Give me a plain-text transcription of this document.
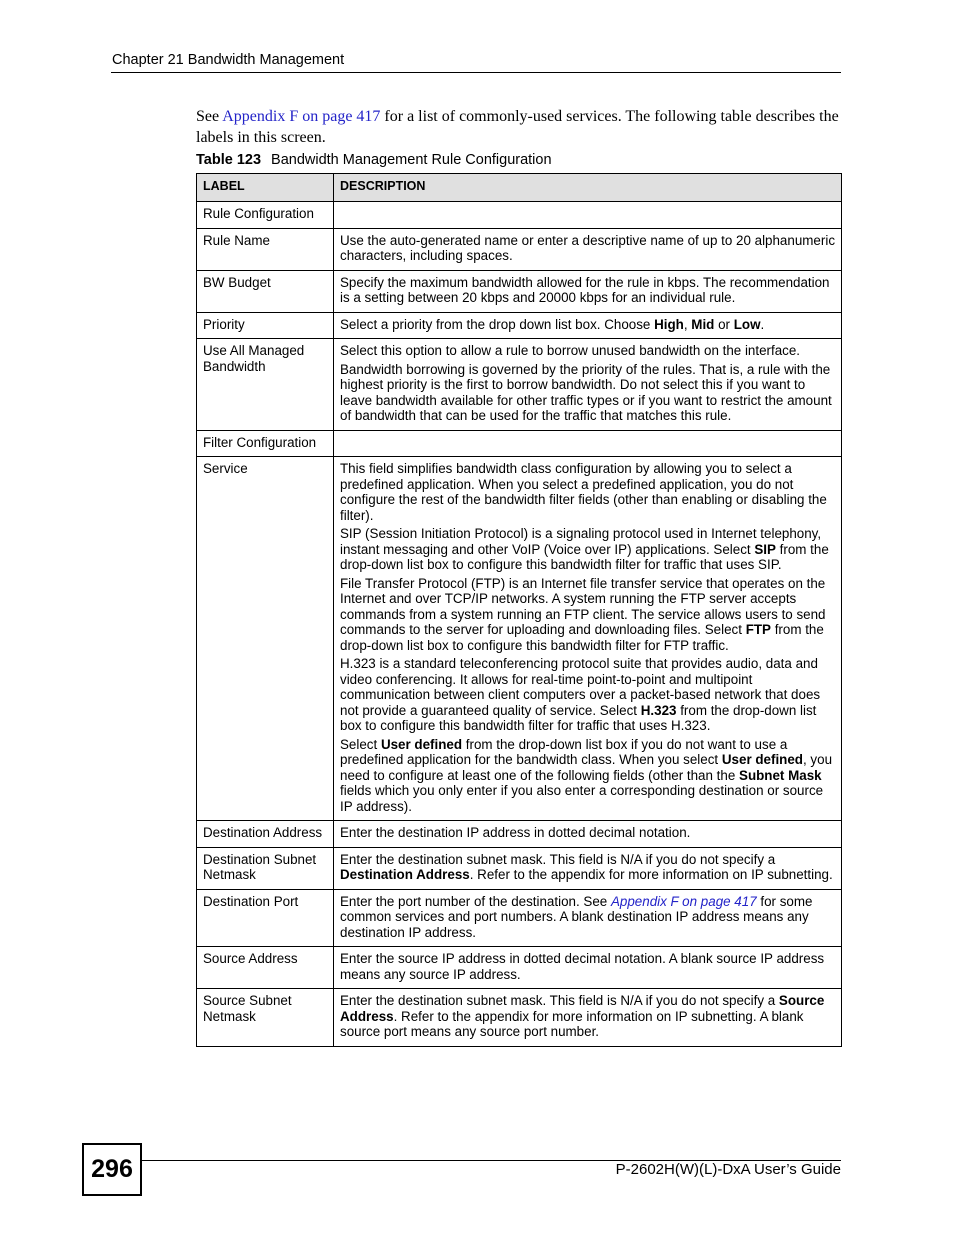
Chapter 21 Bandwidth Management
See Appendix F on page 417 for a list of commonly-used services. The following table describes the labels in this screen.
Table 123 Bandwidth Management Rule Configuration
LABEL	DESCRIPTION
Rule Configuration	
Rule Name	Use the auto-generated name or enter a descriptive name of up to 20 alphanumeric characters, including spaces.
BW Budget	Specify the maximum bandwidth allowed for the rule in kbps. The recommendation is a setting between 20 kbps and 20000 kbps for an individual rule.
Priority	Select a priority from the drop down list box. Choose High, Mid or Low.
Use All Managed Bandwidth	Select this option to allow a rule to borrow unused bandwidth on the interface.

Bandwidth borrowing is governed by the priority of the rules. That is, a rule with the highest priority is the first to borrow bandwidth. Do not select this if you want to leave bandwidth available for other traffic types or if you want to restrict the amount of bandwidth that can be used for the traffic that matches this rule.

Filter Configuration	
Service	This field simplifies bandwidth class configuration by allowing you to select a predefined application. When you select a predefined application, you do not configure the rest of the bandwidth filter fields (other than enabling or disabling the filter).

SIP (Session Initiation Protocol) is a signaling protocol used in Internet telephony, instant messaging and other VoIP (Voice over IP) applications. Select SIP from the drop-down list box to configure this bandwidth filter for traffic that uses SIP.

File Transfer Protocol (FTP) is an Internet file transfer service that operates on the Internet and over TCP/IP networks. A system running the FTP server accepts commands from a system running an FTP client. The service allows users to send commands to the server for uploading and downloading files. Select FTP from the drop-down list box to configure this bandwidth filter for FTP traffic.

H.323 is a standard teleconferencing protocol suite that provides audio, data and video conferencing. It allows for real-time point-to-point and multipoint communication between client computers over a packet-based network that does not provide a guaranteed quality of service. Select H.323 from the drop-down list box to configure this bandwidth filter for traffic that uses H.323.

Select User defined from the drop-down list box if you do not want to use a predefined application for the bandwidth class. When you select User defined, you need to configure at least one of the following fields (other than the Subnet Mask fields which you only enter if you also enter a corresponding destination or source IP address).

Destination Address	Enter the destination IP address in dotted decimal notation.
Destination Subnet Netmask	Enter the destination subnet mask. This field is N/A if you do not specify a Destination Address. Refer to the appendix for more information on IP subnetting.
Destination Port	Enter the port number of the destination. See Appendix F on page 417 for some common services and port numbers. A blank destination IP address means any destination IP address.
Source Address	Enter the source IP address in dotted decimal notation. A blank source IP address means any source IP address.
Source Subnet Netmask	Enter the destination subnet mask. This field is N/A if you do not specify a Source Address. Refer to the appendix for more information on IP subnetting. A blank source port means any source port number.
296	P-2602H(W)(L)-DxA User’s Guide
